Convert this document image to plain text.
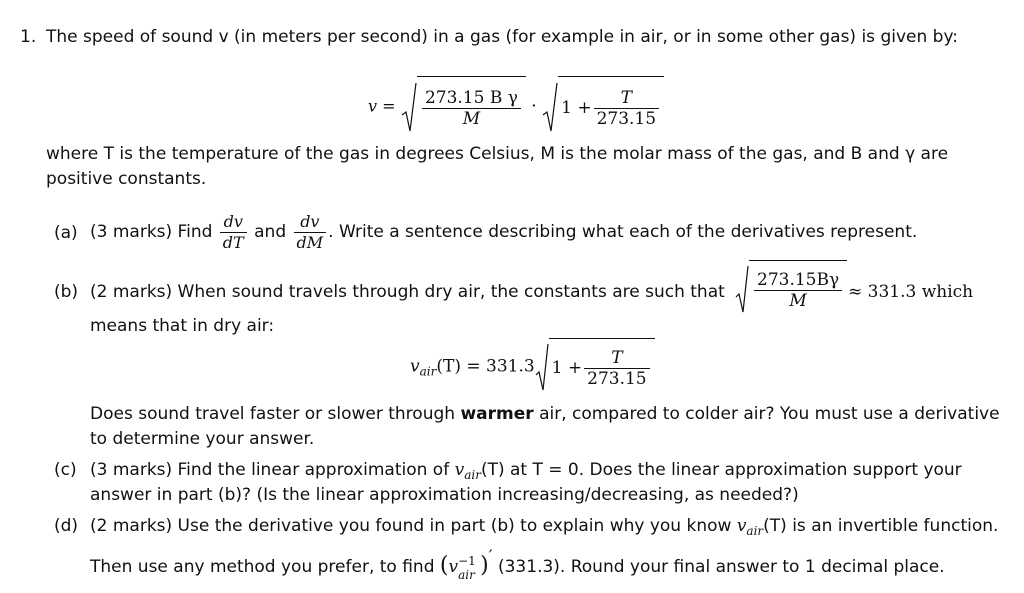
1. The speed of sound v (in meters per second) in a gas (for example in air, or in some other gas) is given by:
$v = \frac{\text{273.15 B γ}}{M} \cdot 1 + \frac{T}{273.15}$
where T is the temperature of the gas in degrees Celsius, M is the molar mass of the gas, and B and γ are
positive constants.
(a) (3 marks) Find $\frac{dv}{dT}$ and $\frac{dv}{dM}$ . Write a sentence describing what each of the derivatives represent.
(b) (2 marks) When sound travels through dry air, the constants are such that $\frac{273.15B\gamma}{M} \approx 331.3$ which
means that in dry air:
$v_{air}(T) = 331.3$ $1 + \frac{T}{273.15}$
Does sound travel faster or slower through warmer air, compared to colder air? You must use a derivative
to determine your answer.
(c) (3 marks) Find the linear approximation of $v_{air}(T)$ at T = 0. Does the linear approximation support your
answer in part (b)? (Is the linear approximation increasing/decreasing, as needed?)
(d) (2 marks) Use the derivative you found in part (b) to explain why you know $v_{air}(T)$ is an invertible function.
Then use any method you prefer, to find (v −1
air )′ (331.3). Round your final answer to 1 decimal place.
